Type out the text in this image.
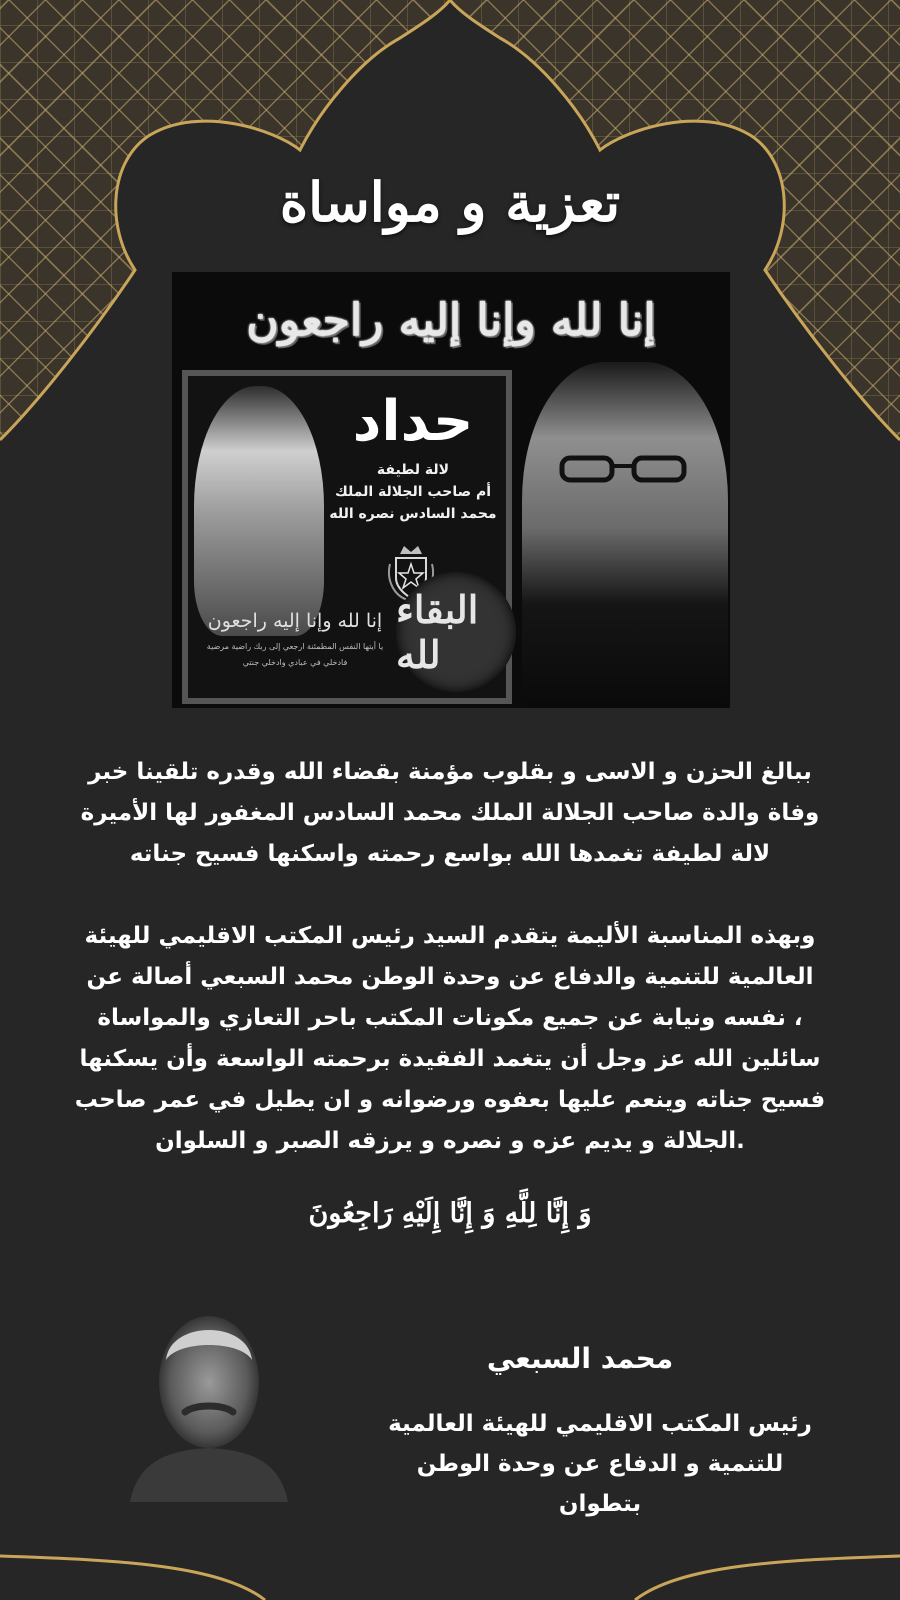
تعزية و مواساة
إنا لله وإنا إليه راجعون
حداد
لالة لطيفة
أم صاحب الجلالة الملك
محمد السادس نصره الله
إنا لله وإنا إليه راجعون
يا أيتها النفس المطمئنة ارجعي إلى ربك راضية مرضية
فادخلي في عبادي وادخلي جنتي
البقاء لله
ببالغ الحزن و الاسى و بقلوب مؤمنة بقضاء الله وقدره تلقينا خبر
وفاة والدة صاحب الجلالة الملك محمد السادس المغفور لها الأميرة
لالة لطيفة تغمدها الله بواسع رحمته واسكنها فسيح جناته
وبهذه المناسبة الأليمة يتقدم السيد رئيس المكتب الاقليمي للهيئة
العالمية للتنمية والدفاع عن وحدة الوطن محمد السبعي أصالة عن
نفسه ونيابة عن جميع مكونات المكتب باحر التعازي والمواساة ،
سائلين الله عز وجل أن يتغمد الفقيدة برحمته الواسعة وأن يسكنها
فسيح جناته وينعم عليها بعفوه ورضوانه و ان يطيل في عمر صاحب
الجلالة و يديم عزه و نصره و يرزقه الصبر و السلوان.
وَ إِنَّا لِلَّهِ وَ إِنَّا إِلَيْهِ رَاجِعُونَ
محمد السبعي
رئيس المكتب الاقليمي للهيئة العالمية
للتنمية و الدفاع عن وحدة الوطن
بتطوان
